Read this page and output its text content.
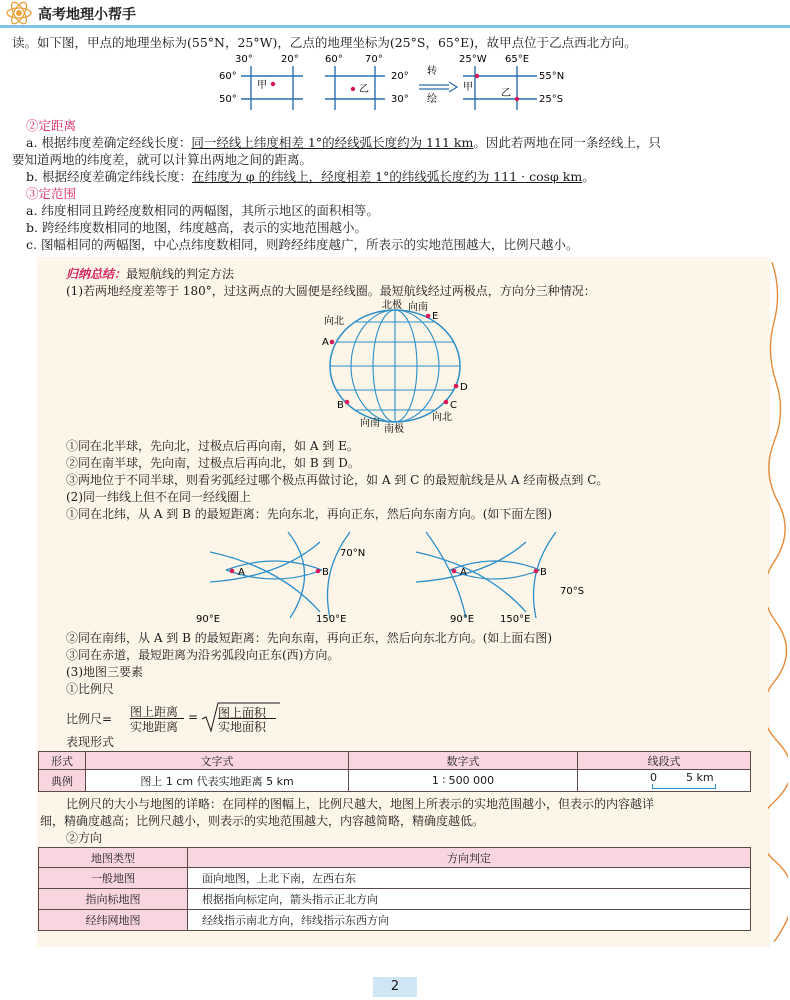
高考地理小帮手
读。如下图，甲点的地理坐标为(55°N，25°W)，乙点的地理坐标为(25°S，65°E)，故甲点位于乙点西北方向。
30°	20°
60°
50°
甲
60° 70°
乙
20°
30°
转
绘
25°W 65°E
甲
乙
55°N
25°S
②定距离
a. 根据纬度差确定经线长度：同一经线上纬度相差 1°的经线弧长度约为 111 km。因此若两地在同一条经线上，只
要知道两地的纬度差，就可以计算出两地之间的距离。
b. 根据经度差确定纬线长度：在纬度为 φ 的纬线上，经度相差 1°的纬线弧长度约为 111 · cosφ km。
③定范围
a. 纬度相同且跨经度数相同的两幅图，其所示地区的面积相等。
b. 跨经纬度数相同的地图，纬度越高，表示的实地范围越小。
c. 图幅相同的两幅图，中心点纬度数相同，则跨经纬度越广，所表示的实地范围越大，比例尺越小。
归纳总结：最短航线的判定方法
(1)若两地经度差等于 180°，过这两点的大圆便是经线圈。最短航线经过两极点，方向分三种情况：
北极
南极
向南
向北
向南
向北
A
B	C
D
E
①同在北半球，先向北，过极点后再向南，如 A 到 E。
②同在南半球，先向南，过极点后再向北，如 B 到 D。
③两地位于不同半球，则看劣弧经过哪个极点再做讨论，如 A 到 C 的最短航线是从 A 经南极点到 C。
(2)同一纬线上但不在同一经线圈上
①同在北纬，从 A 到 B 的最短距离：先向东北，再向正东，然后向东南方向。(如下面左图)
A	B
70°N
90°E	150°E
A	B
70°S
90°E	150°E
②同在南纬，从 A 到 B 的最短距离：先向东南，再向正东，然后向东北方向。(如上面右图)
③同在赤道，最短距离为沿劣弧段向正东(西)方向。
(3)地图三要素
①比例尺
比例尺= 图上距离
实地距离
= 图上面积
实地面积
表现形式
形式	文字式	数字式	线段式
典例	图上 1 cm 代表实地距离 5 km	1 ∶ 500 000	0 5 km
比例尺的大小与地图的详略：在同样的图幅上，比例尺越大，地图上所表示的实地范围越小，但表示的内容越详
细，精确度越高；比例尺越小，则表示的实地范围越大，内容越简略，精确度越低。
②方向
地图类型	方向判定
一般地图	面向地图，上北下南，左西右东
指向标地图	根据指向标定向，箭头指示正北方向
经纬网地图	经线指示南北方向，纬线指示东西方向
2
